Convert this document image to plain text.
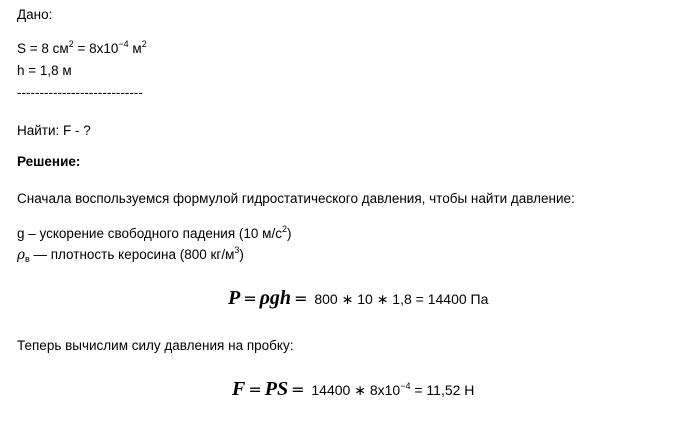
Дано:
S = 8 $см^2 = 8x10^{-4}$ $м^2$
h = 1,8 м
----------------------------
Найти: F - ?
Решение:
Сначала воспользуемся формулой гидростатического давления, чтобы найти давление:
g – ускорение свободного падения (10 $м/с^2$)
$\rho_в$ — плотность керосина (800 $кг/м^3$)
P = ρgh = 800 ∗ 10 ∗ 1,8 = 14400 Па
Теперь вычислим силу давления на пробку:
F = PS = 14400 ∗ $8x10^{-4} = 11,52$ Н
